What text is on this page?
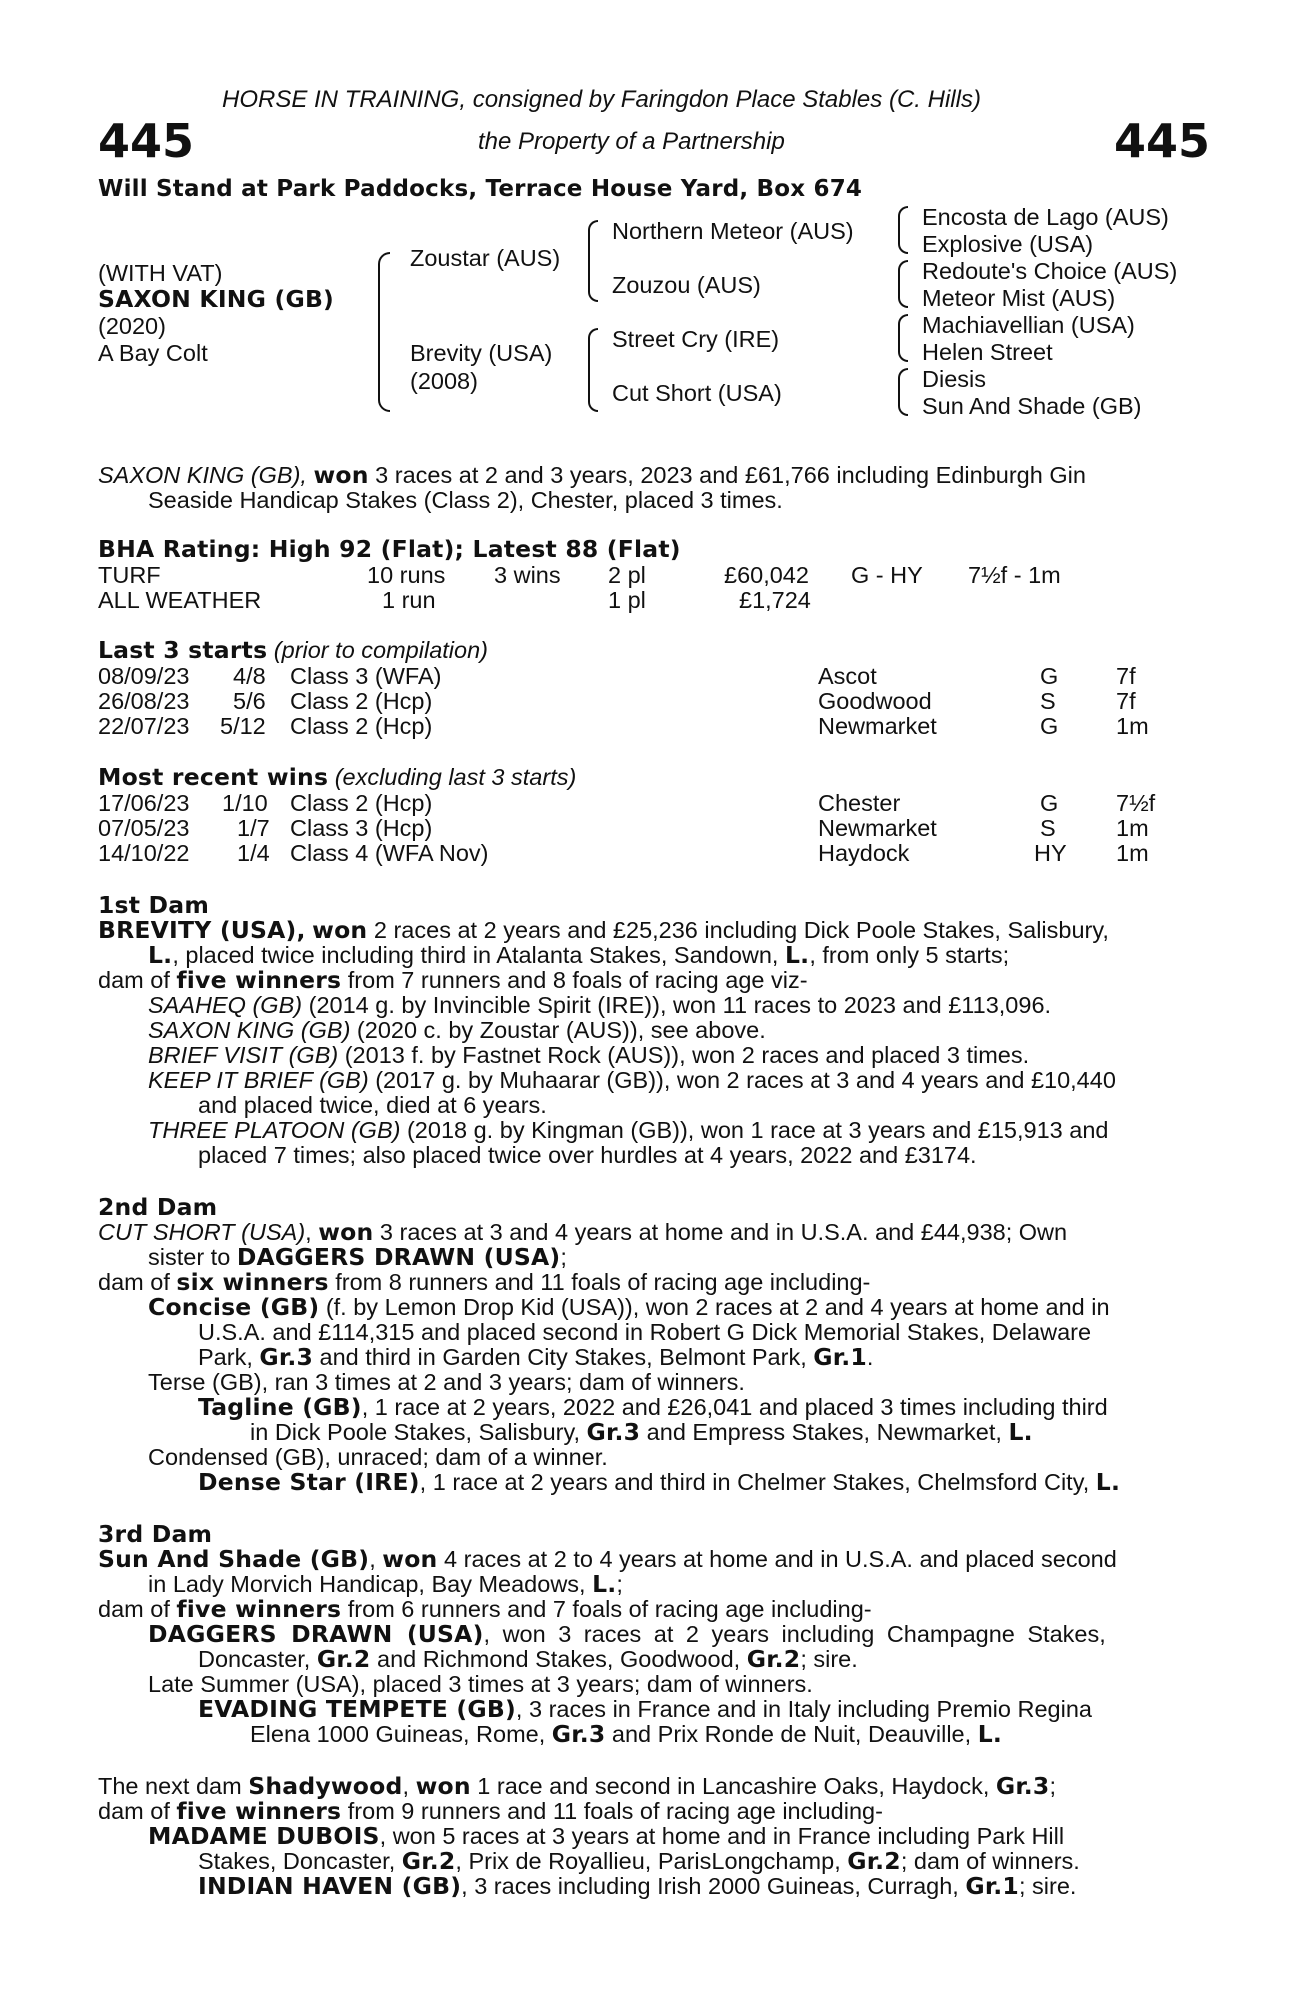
HORSE IN TRAINING, consigned by Faringdon Place Stables (C. Hills)
445	the Property of a Partnership	445
Will Stand at Park Paddocks, Terrace House Yard, Box 674
(WITH VAT)
SAXON KING (GB)
(2020)
A Bay Colt
Zoustar (AUS)
Brevity (USA)
(2008)
Northern Meteor (AUS)
Zouzou (AUS)
Street Cry (IRE)
Cut Short (USA)
Encosta de Lago (AUS)
Explosive (USA)
Redoute's Choice (AUS)
Meteor Mist (AUS)
Machiavellian (USA)
Helen Street
Diesis
Sun And Shade (GB)
SAXON KING (GB), won 3 races at 2 and 3 years, 2023 and £61,766 including Edinburgh Gin
Seaside Handicap Stakes (Class 2), Chester, placed 3 times.
BHA Rating: High 92 (Flat); Latest 88 (Flat)
TURF	10 runs 3 wins 2 pl	£60,042 G - HY 7½f - 1m
ALL WEATHER	1 run	1 pl	£1,724
Last 3 starts (prior to compilation)
08/09/23 4/8 Class 3 (WFA)	Ascot	G 7f
26/08/23 5/6 Class 2 (Hcp)	Goodwood	S	7f
22/07/23 5/12 Class 2 (Hcp)	Newmarket	G 1m
Most recent wins (excluding last 3 starts)
17/06/23 1/10 Class 2 (Hcp)	Chester	G 7½f
07/05/23 1/7 Class 3 (Hcp)	Newmarket	S	1m
14/10/22 1/4 Class 4 (WFA Nov)	Haydock	HY 1m
1st Dam
BREVITY (USA), won 2 races at 2 years and £25,236 including Dick Poole Stakes, Salisbury,
L., placed twice including third in Atalanta Stakes, Sandown, L., from only 5 starts;
dam of five winners from 7 runners and 8 foals of racing age viz-
SAAHEQ (GB) (2014 g. by Invincible Spirit (IRE)), won 11 races to 2023 and £113,096.
SAXON KING (GB) (2020 c. by Zoustar (AUS)), see above.
BRIEF VISIT (GB) (2013 f. by Fastnet Rock (AUS)), won 2 races and placed 3 times.
KEEP IT BRIEF (GB) (2017 g. by Muhaarar (GB)), won 2 races at 3 and 4 years and £10,440
and placed twice, died at 6 years.
THREE PLATOON (GB) (2018 g. by Kingman (GB)), won 1 race at 3 years and £15,913 and
placed 7 times; also placed twice over hurdles at 4 years, 2022 and £3174.
2nd Dam
CUT SHORT (USA), won 3 races at 3 and 4 years at home and in U.S.A. and £44,938; Own
sister to DAGGERS DRAWN (USA);
dam of six winners from 8 runners and 11 foals of racing age including-
Concise (GB) (f. by Lemon Drop Kid (USA)), won 2 races at 2 and 4 years at home and in
U.S.A. and £114,315 and placed second in Robert G Dick Memorial Stakes, Delaware
Park, Gr.3 and third in Garden City Stakes, Belmont Park, Gr.1.
Terse (GB), ran 3 times at 2 and 3 years; dam of winners.
Tagline (GB), 1 race at 2 years, 2022 and £26,041 and placed 3 times including third
in Dick Poole Stakes, Salisbury, Gr.3 and Empress Stakes, Newmarket, L.
Condensed (GB), unraced; dam of a winner.
Dense Star (IRE), 1 race at 2 years and third in Chelmer Stakes, Chelmsford City, L.
3rd Dam
Sun And Shade (GB), won 4 races at 2 to 4 years at home and in U.S.A. and placed second
in Lady Morvich Handicap, Bay Meadows, L.;
dam of five winners from 6 runners and 7 foals of racing age including-
DAGGERS DRAWN (USA), won 3 races at 2 years including Champagne Stakes,
Doncaster, Gr.2 and Richmond Stakes, Goodwood, Gr.2; sire.
Late Summer (USA), placed 3 times at 3 years; dam of winners.
EVADING TEMPETE (GB), 3 races in France and in Italy including Premio Regina
Elena 1000 Guineas, Rome, Gr.3 and Prix Ronde de Nuit, Deauville, L.
The next dam Shadywood, won 1 race and second in Lancashire Oaks, Haydock, Gr.3;
dam of five winners from 9 runners and 11 foals of racing age including-
MADAME DUBOIS, won 5 races at 3 years at home and in France including Park Hill
Stakes, Doncaster, Gr.2, Prix de Royallieu, ParisLongchamp, Gr.2; dam of winners.
INDIAN HAVEN (GB), 3 races including Irish 2000 Guineas, Curragh, Gr.1; sire.
